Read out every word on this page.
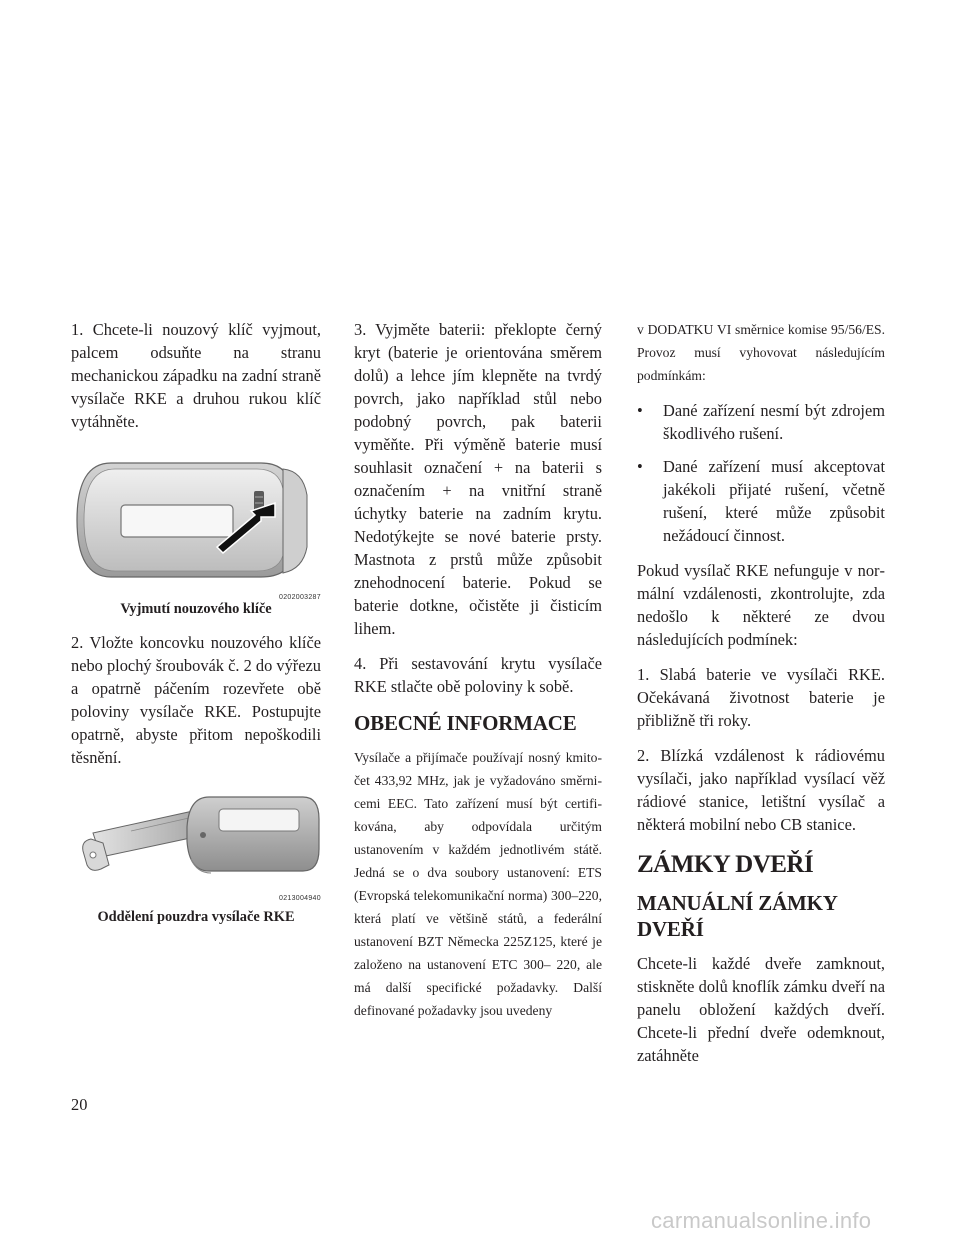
1. Chcete-li nouzový klíč vyjmout, palcem odsuňte na stranu mechanickou západku na zadní straně vysílače RKE a druhou rukou klíč vytáhněte.

0202003287
Vyjmutí nouzového klíče

2. Vložte koncovku nouzového klíče nebo plochý šroubovák č. 2 do výřezu a opatrně páčením rozevřete obě poloviny vysílače RKE. Postupujte opatrně, abyste přitom nepoškodili těsnění.

0213004940
Oddělení pouzdra vysílače RKE

3. Vyjměte baterii: překlopte černý kryt (baterie je orientována směrem dolů) a lehce jím klepněte na tvrdý povrch, jako například stůl nebo podobný povrch, pak baterii vyměňte. Při výměně baterie musí souhlasit označení + na baterii s označením + na vnitřní straně úchytky baterie na zadním krytu. Nedotýkejte se nové baterie prsty. Mastnota z prstů může způsobit znehodnocení baterie. Pokud se baterie dotkne, očistěte ji čisticím lihem.

4. Při sestavování krytu vysílače RKE stlačte obě poloviny k sobě.

OBECNÉ INFORMACE

Vysílače a přijímače používají nosný kmitočet 433,92 MHz, jak je vyžadováno směrnicemi EEC. Tato zařízení musí být certifikována, aby odpovídala určitým ustanovením v každém jednotlivém státě. Jedná se o dva soubory ustanovení: ETS (Evropská telekomunikační norma) 300–220, která platí ve většině států, a federální ustanovení BZT Německa 225Z125, které je založeno na ustanovení ETC 300– 220, ale má další specifické požadavky. Další definované požadavky jsou uvedeny

v DODATKU VI směrnice komise 95/56/ES. Provoz musí vyhovovat následujícím podmínkám:

•	Dané zařízení nesmí být zdrojem škodlivého rušení.
•	Dané zařízení musí akceptovat jakékoli přijaté rušení, včetně rušení, které může způsobit nežádoucí činnost.

Pokud vysílač RKE nefunguje v normální vzdálenosti, zkontrolujte, zda nedošlo k některé ze dvou následujících podmínek:

1. Slabá baterie ve vysílači RKE. Očekávaná životnost baterie je přibližně tři roky.

2. Blízká vzdálenost k rádiovému vysílači, jako například vysílací věž rádiové stanice, letištní vysílač a některá mobilní nebo CB stanice.

ZÁMKY DVEŘÍ
MANUÁLNÍ ZÁMKY DVEŘÍ

Chcete-li každé dveře zamknout, stiskněte dolů knoflík zámku dveří na panelu obložení každých dveří. Chcete-li přední dveře odemknout, zatáhněte

20
carmanualsonline.info
